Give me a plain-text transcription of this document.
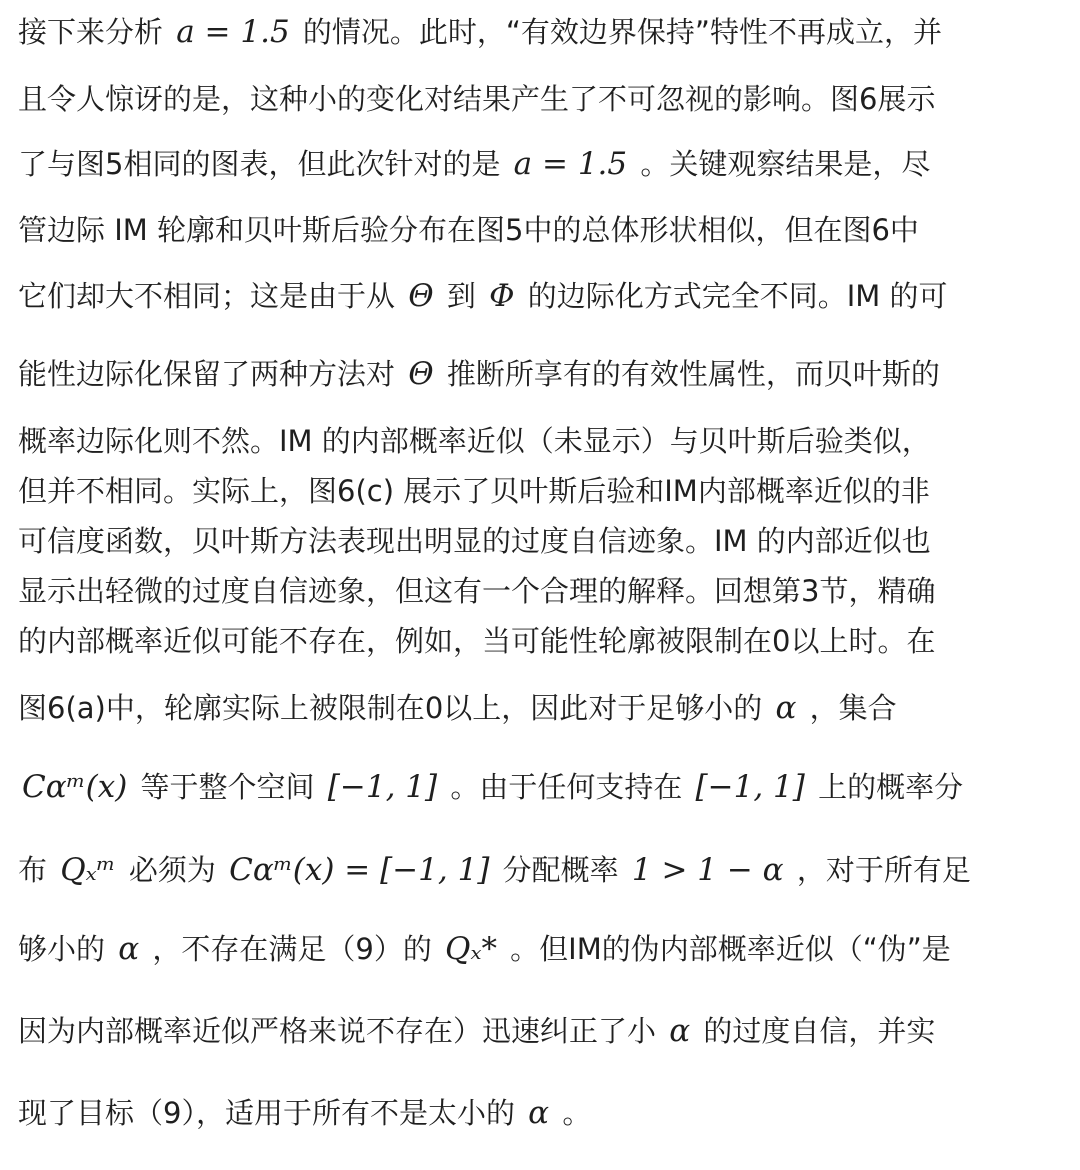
接下来分析 a = 1.5 的情况。此时，“有效边界保持”特性不再成立，并
且令人惊讶的是，这种小的变化对结果产生了不可忽视的影响。图6展示
了与图5相同的图表，但此次针对的是 a = 1.5 。关键观察结果是，尽
管边际 IM 轮廓和贝叶斯后验分布在图5中的总体形状相似，但在图6中
它们却大不相同；这是由于从 Θ 到 Φ 的边际化方式完全不同。IM 的可
能性边际化保留了两种方法对 Θ 推断所享有的有效性属性，而贝叶斯的
概率边际化则不然。IM 的内部概率近似（未显示）与贝叶斯后验类似，
但并不相同。实际上，图6(c) 展示了贝叶斯后验和IM内部概率近似的非
可信度函数，贝叶斯方法表现出明显的过度自信迹象。IM 的内部近似也
显示出轻微的过度自信迹象，但这有一个合理的解释。回想第3节，精确
的内部概率近似可能不存在，例如，当可能性轮廓被限制在0以上时。在
图6(a)中，轮廓实际上被限制在0以上，因此对于足够小的 α ，集合
Cαᵐ(x) 等于整个空间 [−1, 1] 。由于任何支持在 [−1, 1] 上的概率分
布 Qₓᵐ 必须为 Cαᵐ(x) = [−1, 1] 分配概率 1 > 1 − α ，对于所有足
够小的 α ，不存在满足（9）的 Qₓ* 。但IM的伪内部概率近似（“伪”是
因为内部概率近似严格来说不存在）迅速纠正了小 α 的过度自信，并实
现了目标（9），适用于所有不是太小的 α 。
